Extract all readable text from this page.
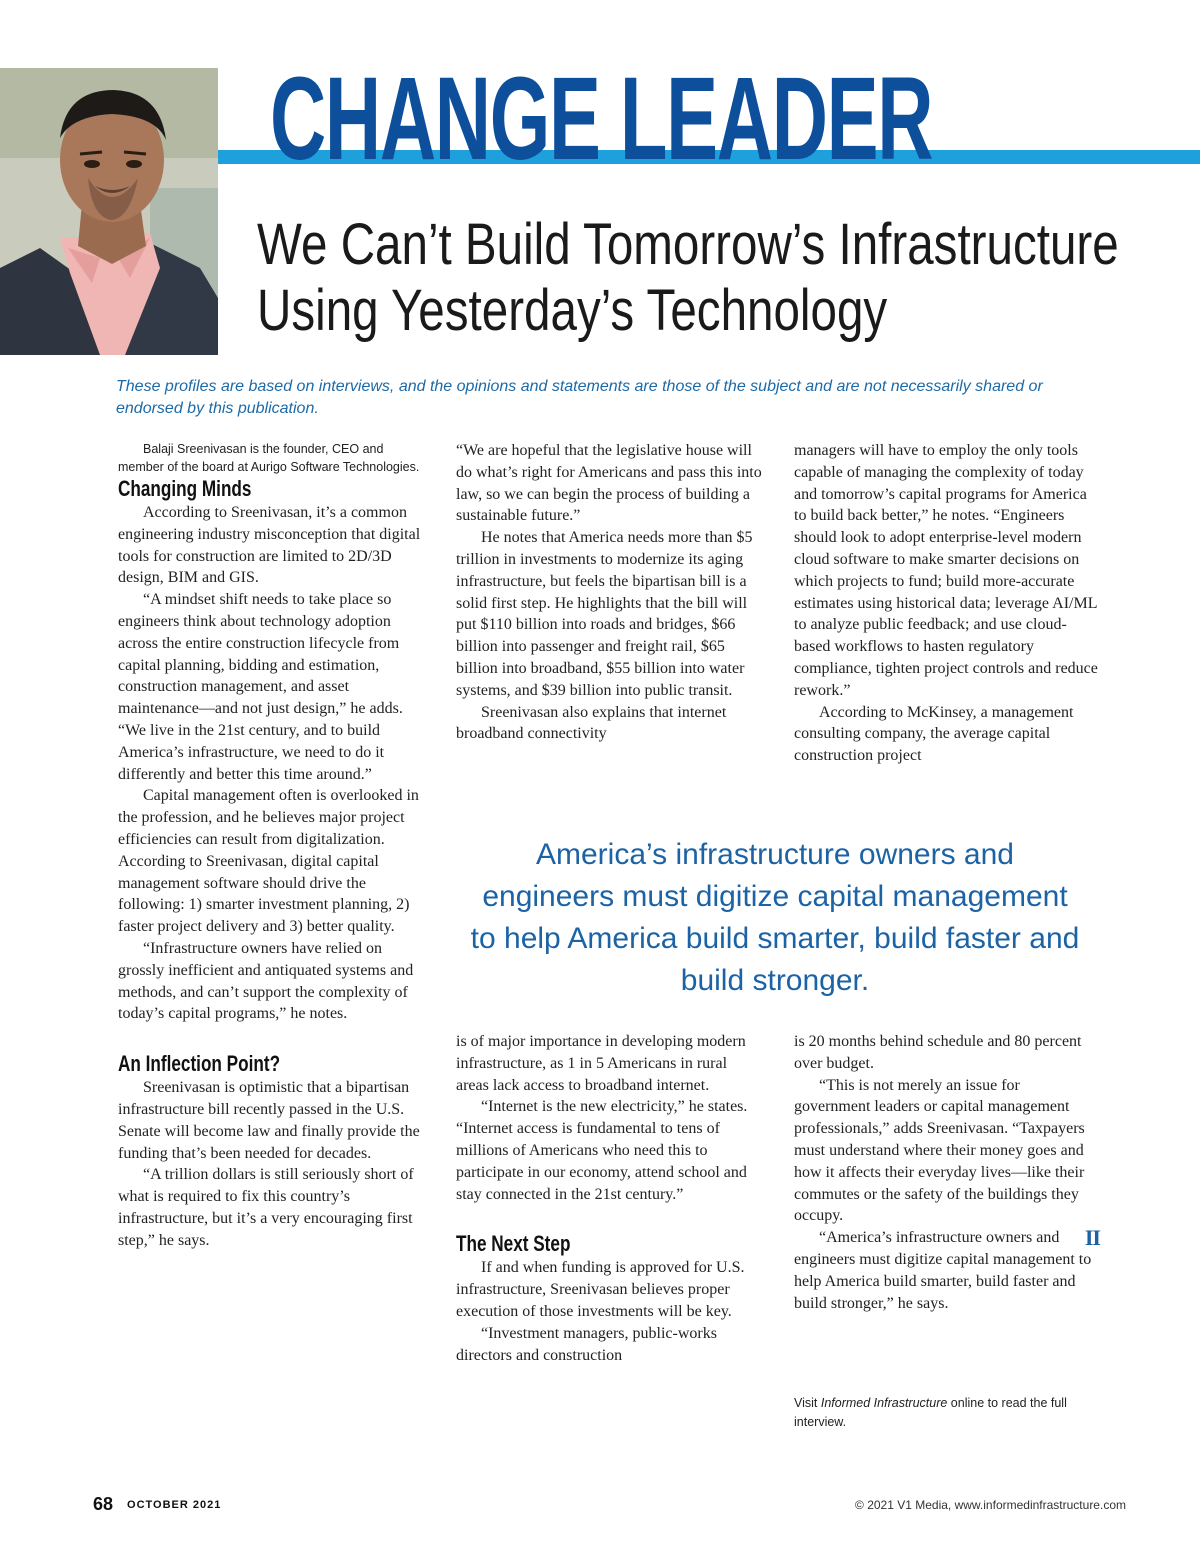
CHANGE LEADER
We Can’t Build Tomorrow’s Infrastructure
Using Yesterday’s Technology

These profiles are based on interviews, and the opinions and statements are those of the subject and are not necessarily shared or endorsed by this publication.

Balaji Sreenivasan is the founder, CEO and member of the board at Aurigo Software Technologies.

Changing Minds

According to Sreenivasan, it’s a common engineering industry misconception that digital tools for construction are limited to 2D/3D design, BIM and GIS.

“A mindset shift needs to take place so engineers think about technology adoption across the entire construction lifecycle from capital planning, bidding and estimation, construction management, and asset maintenance—and not just design,” he adds. “We live in the 21st century, and to build America’s infrastructure, we need to do it differently and better this time around.”

Capital management often is overlooked in the profession, and he believes major project efficiencies can result from digitalization. According to Sreenivasan, digital capital management software should drive the following: 1) smarter investment planning, 2) faster project delivery and 3) better quality.

“Infrastructure owners have relied on grossly inefficient and antiquated systems and methods, and can’t support the complexity of today’s capital programs,” he notes.

An Inflection Point?

Sreenivasan is optimistic that a bipartisan infrastructure bill recently passed in the U.S. Senate will become law and finally provide the funding that’s been needed for decades.

“A trillion dollars is still seriously short of what is required to fix this country’s infrastructure, but it’s a very encouraging first step,” he says.

“We are hopeful that the legislative house will do what’s right for Americans and pass this into law, so we can begin the process of building a sustainable future.”

He notes that America needs more than $5 trillion in investments to modernize its aging infrastructure, but feels the bipartisan bill is a solid first step. He highlights that the bill will put $110 billion into roads and bridges, $66 billion into passenger and freight rail, $65 billion into broadband, $55 billion into water systems, and $39 billion into public transit.

Sreenivasan also explains that internet broadband connectivity

managers will have to employ the only tools capable of managing the complexity of today and tomorrow’s capital programs for America to build back better,” he notes. “Engineers should look to adopt enterprise-level modern cloud software to make smarter decisions on which projects to fund; build more-accurate estimates using historical data; leverage AI/ML to analyze public feedback; and use cloud-based workflows to hasten regulatory compliance, tighten project controls and reduce rework.”

According to McKinsey, a management consulting company, the average capital construction project

America’s infrastructure owners and engineers must digitize capital management to help America build smarter, build faster and build stronger.

is of major importance in developing modern infrastructure, as 1 in 5 Americans in rural areas lack access to broadband internet.

“Internet is the new electricity,” he states. “Internet access is fundamental to tens of millions of Americans who need this to participate in our economy, attend school and stay connected in the 21st century.”

The Next Step

If and when funding is approved for U.S. infrastructure, Sreenivasan believes proper execution of those investments will be key.

“Investment managers, public-works directors and construction

is 20 months behind schedule and 80 percent over budget.

“This is not merely an issue for government leaders or capital management professionals,” adds Sreenivasan. “Taxpayers must understand where their money goes and how it affects their everyday lives—like their commutes or the safety of the buildings they occupy.

II
“America’s infrastructure owners and engineers must digitize capital management to help America build smarter, build faster and build stronger,” he says.

Visit Informed Infrastructure online to read the full interview.

68 OCTOBER 2021	© 2021 V1 Media, www.informedinfrastructure.com
